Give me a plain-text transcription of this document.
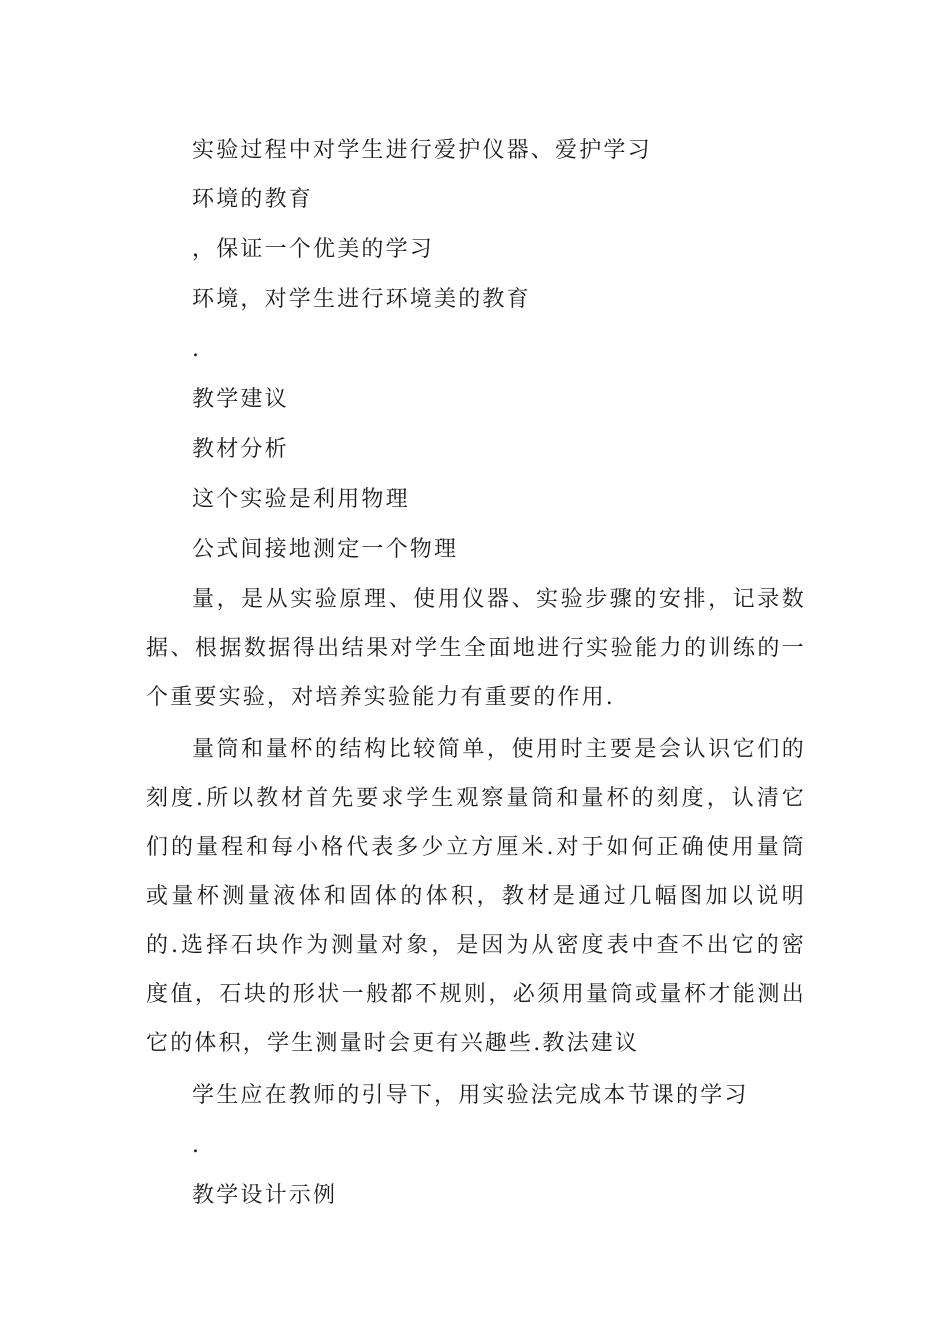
实验过程中对学生进行爱护仪器、爱护学习
环境的教育
，保证一个优美的学习
环境，对学生进行环境美的教育
.
教学建议
教材分析
这个实验是利用物理
公式间接地测定一个物理
量，是从实验原理、使用仪器、实验步骤的安排，记录数据、根据数据得出结果对学生全面地进行实验能力的训练的一个重要实验，对培养实验能力有重要的作用.
量筒和量杯的结构比较简单，使用时主要是会认识它们的刻度.所以教材首先要求学生观察量筒和量杯的刻度，认清它们的量程和每小格代表多少立方厘米.对于如何正确使用量筒或量杯测量液体和固体的体积，教材是通过几幅图加以说明的.选择石块作为测量对象，是因为从密度表中查不出它的密度值，石块的形状一般都不规则，必须用量筒或量杯才能测出它的体积，学生测量时会更有兴趣些.教法建议
学生应在教师的引导下，用实验法完成本节课的学习
.
教学设计示例
